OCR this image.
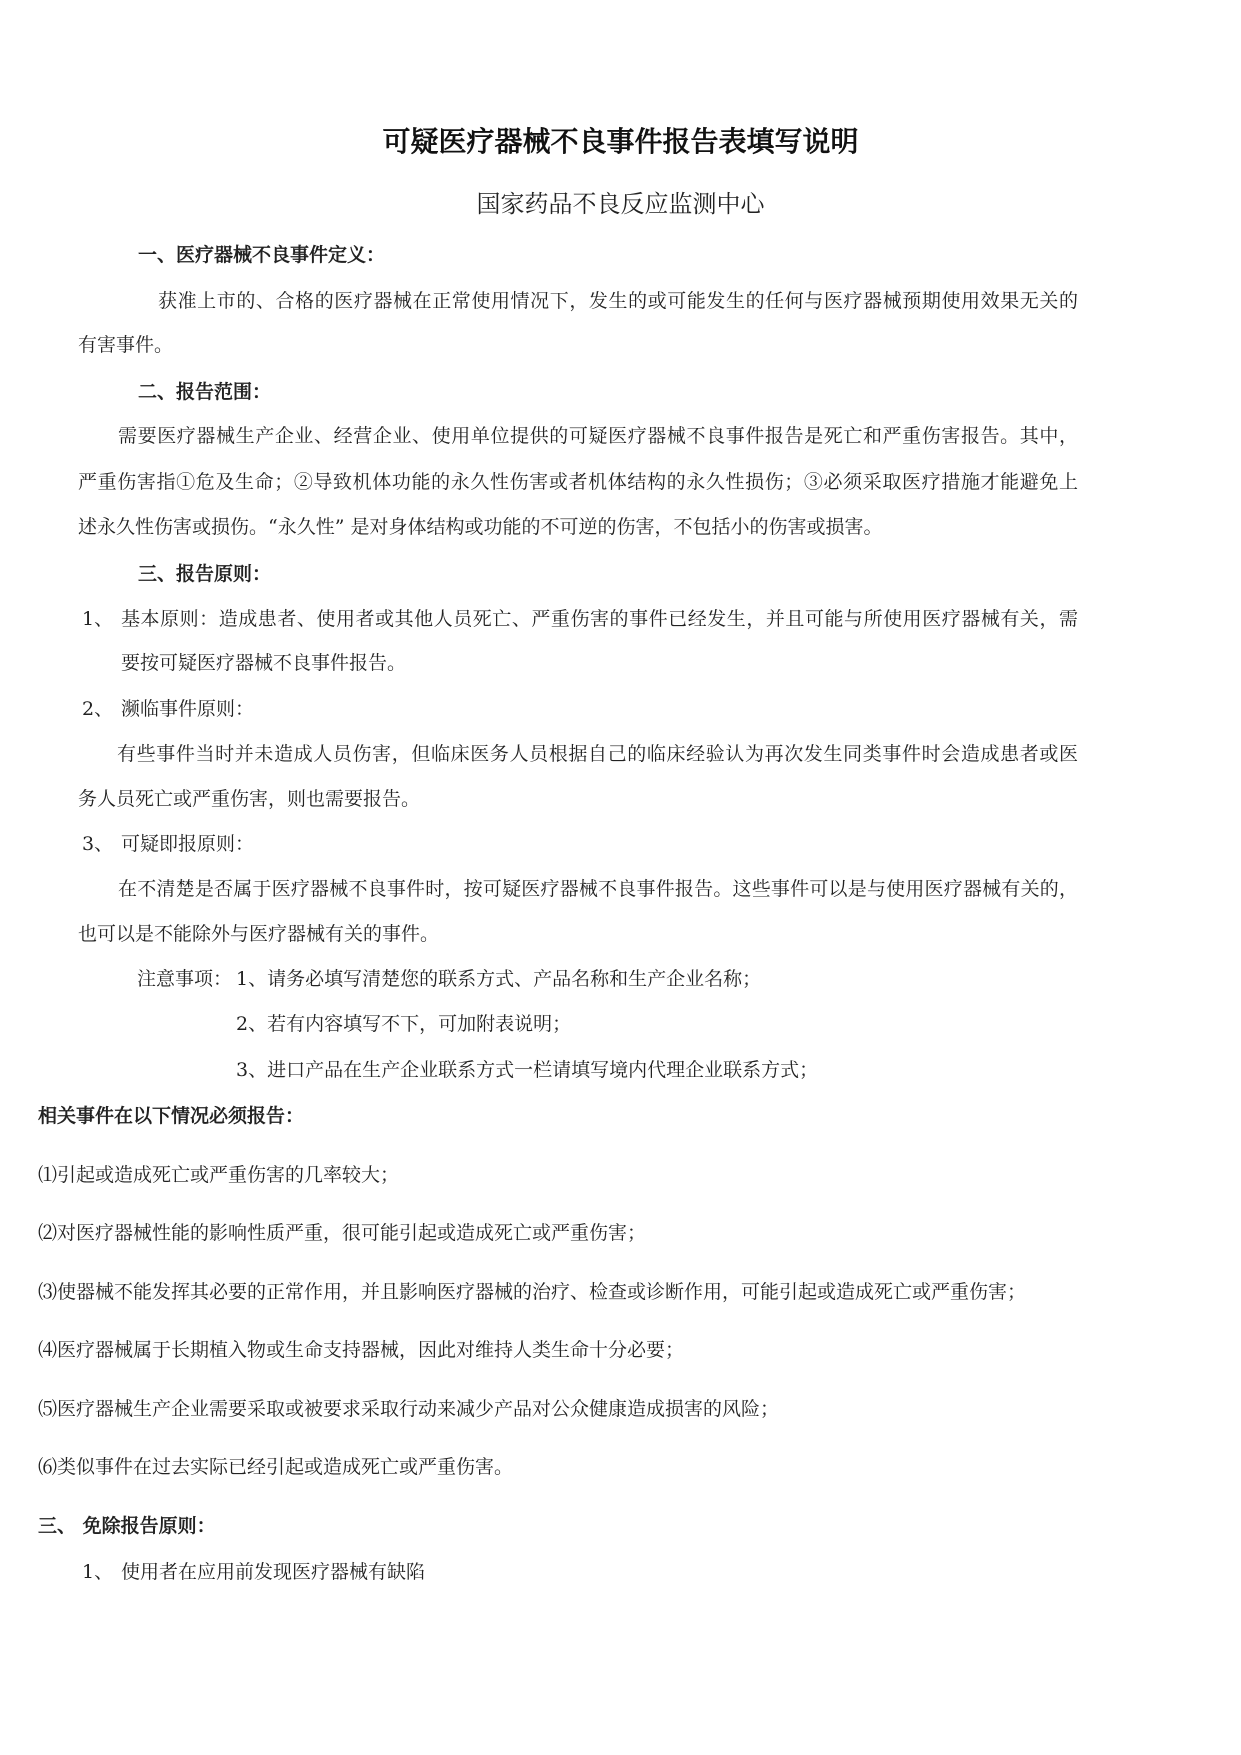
可疑医疗器械不良事件报告表填写说明
国家药品不良反应监测中心
一、医疗器械不良事件定义：
获准上市的、合格的医疗器械在正常使用情况下，发生的或可能发生的任何与医疗器械预期使用效果无关的
有害事件。
二、报告范围：
需要医疗器械生产企业、经营企业、使用单位提供的可疑医疗器械不良事件报告是死亡和严重伤害报告。其中，
严重伤害指①危及生命；②导致机体功能的永久性伤害或者机体结构的永久性损伤；③必须采取医疗措施才能避免上
述永久性伤害或损伤。“永久性” 是对身体结构或功能的不可逆的伤害，不包括小的伤害或损害。
三、报告原则：
1、 基本原则：造成患者、使用者或其他人员死亡、严重伤害的事件已经发生，并且可能与所使用医疗器械有关，需
要按可疑医疗器械不良事件报告。
2、 濒临事件原则：
有些事件当时并未造成人员伤害，但临床医务人员根据自己的临床经验认为再次发生同类事件时会造成患者或医
务人员死亡或严重伤害，则也需要报告。
3、 可疑即报原则：
在不清楚是否属于医疗器械不良事件时，按可疑医疗器械不良事件报告。这些事件可以是与使用医疗器械有关的，
也可以是不能除外与医疗器械有关的事件。
注意事项： 1、请务必填写清楚您的联系方式、产品名称和生产企业名称；
2、若有内容填写不下，可加附表说明；
3、进口产品在生产企业联系方式一栏请填写境内代理企业联系方式；
相关事件在以下情况必须报告：
⑴引起或造成死亡或严重伤害的几率较大；
⑵对医疗器械性能的影响性质严重，很可能引起或造成死亡或严重伤害；
⑶使器械不能发挥其必要的正常作用，并且影响医疗器械的治疗、检查或诊断作用，可能引起或造成死亡或严重伤害；
⑷医疗器械属于长期植入物或生命支持器械，因此对维持人类生命十分必要；
⑸医疗器械生产企业需要采取或被要求采取行动来减少产品对公众健康造成损害的风险；
⑹类似事件在过去实际已经引起或造成死亡或严重伤害。
三、 免除报告原则：
1、 使用者在应用前发现医疗器械有缺陷
